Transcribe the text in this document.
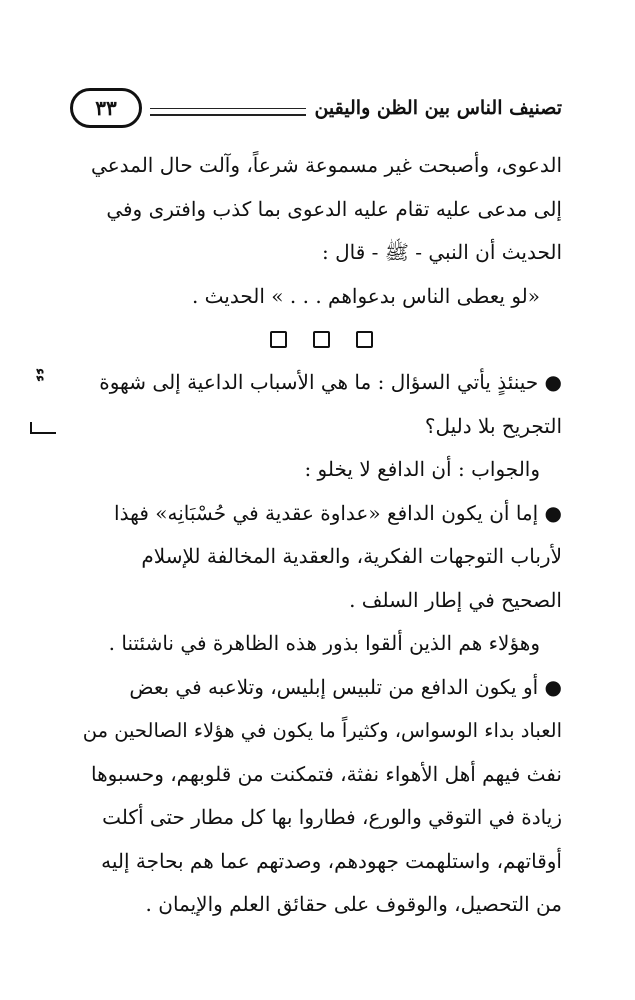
تصنيف الناس بين الظن واليقين
٣٣
ﺀﺀ
الدعوى، وأصبحت غير مسموعة شرعاً، وآلت حال المدعي
إلى مدعى عليه تقام عليه الدعوى بما كذب وافترى وفي
الحديث أن النبي - ﷺ - قال :
«لو يعطى الناس بدعواهم . . . » الحديث .
● حينئذٍ يأتي السؤال : ما هي الأسباب الداعية إلى شهوة
التجريح بلا دليل؟
والجواب : أن الدافع لا يخلو :
● إما أن يكون الدافع «عداوة عقدية في حُسْبَانِه» فهذا
لأرباب التوجهات الفكرية، والعقدية المخالفة للإسلام
الصحيح في إطار السلف .
وهؤلاء هم الذين ألقوا بذور هذه الظاهرة في ناشئتنا .
● أو يكون الدافع من تلبيس إبليس، وتلاعبه في بعض
العباد بداء الوسواس، وكثيراً ما يكون في هؤلاء الصالحين من
نفث فيهم أهل الأهواء نفثة، فتمكنت من قلوبهم، وحسبوها
زيادة في التوقي والورع، فطاروا بها كل مطار حتى أكلت
أوقاتهم، واستلهمت جهودهم، وصدتهم عما هم بحاجة إليه
من التحصيل، والوقوف على حقائق العلم والإيمان .
